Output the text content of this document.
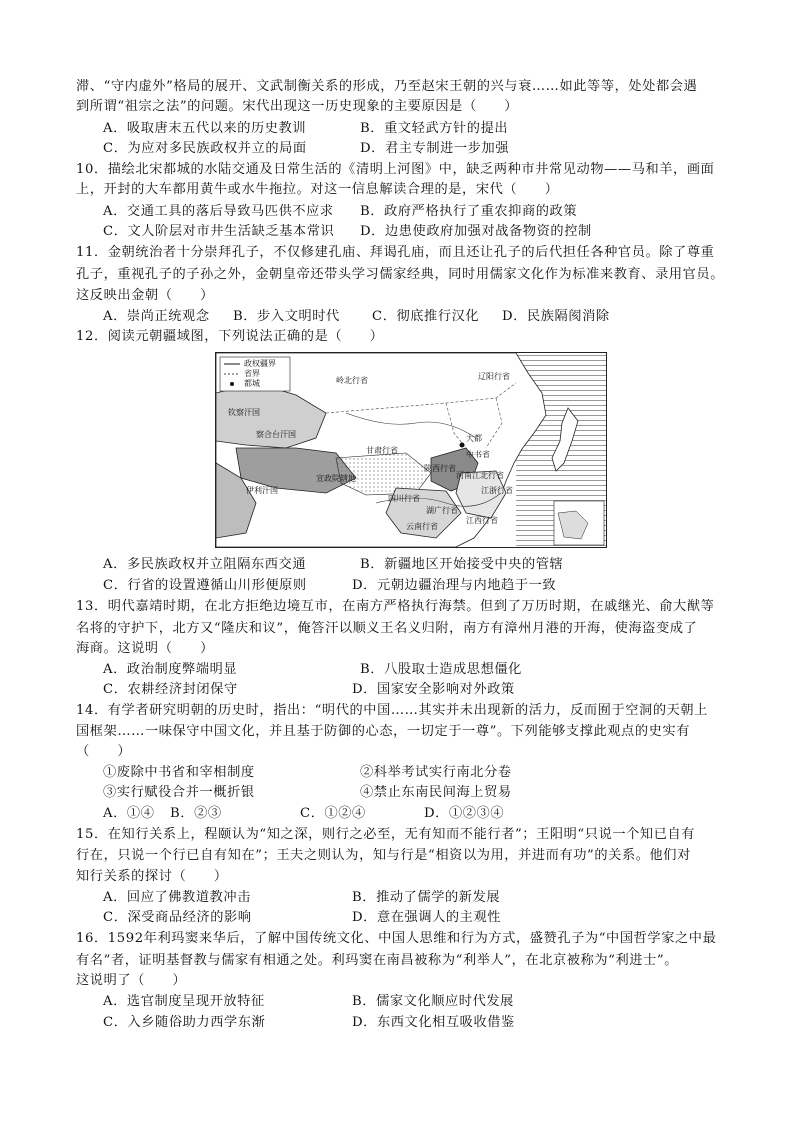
滞、“守内虚外”格局的展开、文武制衡关系的形成，乃至赵宋王朝的兴与衰……如此等等，处处都会遇
到所谓“祖宗之法”的问题。宋代出现这一历史现象的主要原因是（　　）
A．吸取唐末五代以来的历史教训	B．重文轻武方针的提出
C．为应对多民族政权并立的局面	D．君主专制进一步加强
10．描绘北宋都城的水陆交通及日常生活的《清明上河图》中，缺乏两种市井常见动物——马和羊，画面
上，开封的大车都用黄牛或水牛拖拉。对这一信息解读合理的是，宋代（　　）
A．交通工具的落后导致马匹供不应求 B．政府严格执行了重农抑商的政策
C．文人阶层对市井生活缺乏基本常识 D．边患使政府加强对战备物资的控制
11．金朝统治者十分崇拜孔子，不仅修建孔庙、拜谒孔庙，而且还让孔子的后代担任各种官员。除了尊重
孔子，重视孔子的子孙之外，金朝皇帝还带头学习儒家经典，同时用儒家文化作为标准来教育、录用官员。
这反映出金朝（　　）
A．崇尚正统观念 B．步入文明时代 C．彻底推行汉化 D．民族隔阂消除
12．阅读元朝疆域图，下列说法正确的是（　　）
政权疆界
省界
都城
钦察汗国
察合台汗国
伊利汗国
岭北行省	辽阳行省
大都
中书省
陕西行省
河南江北行省
江浙行省
湖广行省
江西行省
云南行省
四川行省
宣政院辖地
甘肃行省
A．多民族政权并立阻隔东西交通	B．新疆地区开始接受中央的管辖
C．行省的设置遵循山川形便原则	D．元朝边疆治理与内地趋于一致
13．明代嘉靖时期，在北方拒绝边境互市，在南方严格执行海禁。但到了万历时期，在戚继光、俞大猷等
名将的守护下，北方又“隆庆和议”，俺答汗以顺义王名义归附，南方有漳州月港的开海，使海盗变成了
海商。这说明（　　）
A．政治制度弊端明显	B．八股取士造成思想僵化
C．农耕经济封闭保守	D．国家安全影响对外政策
14．有学者研究明朝的历史时，指出：“明代的中国……其实并未出现新的活力，反而囿于空洞的天朝上
国框架……一味保守中国文化，并且基于防御的心态，一切定于一尊”。下列能够支撑此观点的史实有
（　　）
①废除中书省和宰相制度	②科举考试实行南北分卷
③实行赋役合并一概折银	④禁止东南民间海上贸易
A．①④ B．②③	C．①②④	D．①②③④
15．在知行关系上，程颐认为“知之深，则行之必至，无有知而不能行者”；王阳明“只说一个知已自有
行在，只说一个行已自有知在”；王夫之则认为，知与行是“相资以为用，并进而有功”的关系。他们对
知行关系的探讨（　　）
A．回应了佛教道教冲击	B．推动了儒学的新发展
C．深受商品经济的影响	D．意在强调人的主观性
16．1592年利玛窦来华后，了解中国传统文化、中国人思维和行为方式，盛赞孔子为“中国哲学家之中最
有名”者，证明基督教与儒家有相通之处。利玛窦在南昌被称为“利举人”，在北京被称为“利进士”。
这说明了（　　）
A．选官制度呈现开放特征	B．儒家文化顺应时代发展
C．入乡随俗助力西学东渐	D．东西文化相互吸收借鉴
